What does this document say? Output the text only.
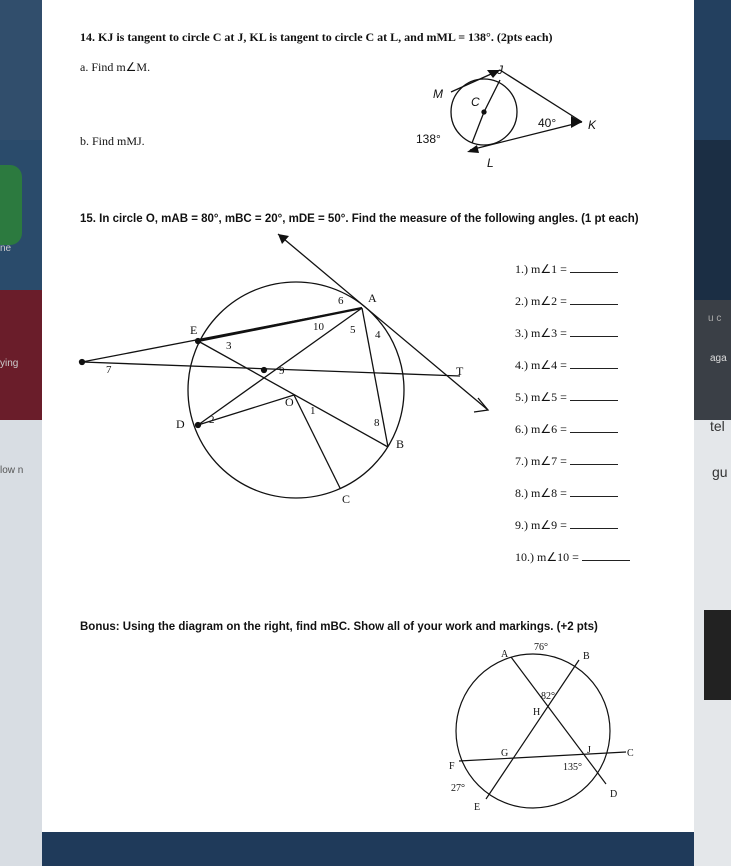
ne
ying
low n
u c
aga
tel
gu
14. KJ is tangent to circle C at J, KL is tangent to circle C at L, and mML = 138°. (2pts each)
a. Find m∠M.
b. Find mMJ.
15. In circle O, mAB = 80°, mBC = 20°, mDE = 50°. Find the measure of the following angles. (1 pt each)
1.) m∠1 =
2.) m∠2 =
3.) m∠3 =
4.) m∠4 =
5.) m∠5 =
6.) m∠6 =
7.) m∠7 =
8.) m∠8 =
9.) m∠9 =
10.) m∠10 =
Bonus: Using the diagram on the right, find mBC. Show all of your work and markings. (+2 pts)
M
J
C
L
K
40°
138°
A
B
C
D
E
O
T
1
2
3
4
5
6
7
8
9
10
A	B
C
D
E
F
G
H
J
76°
82°
135°
27°
